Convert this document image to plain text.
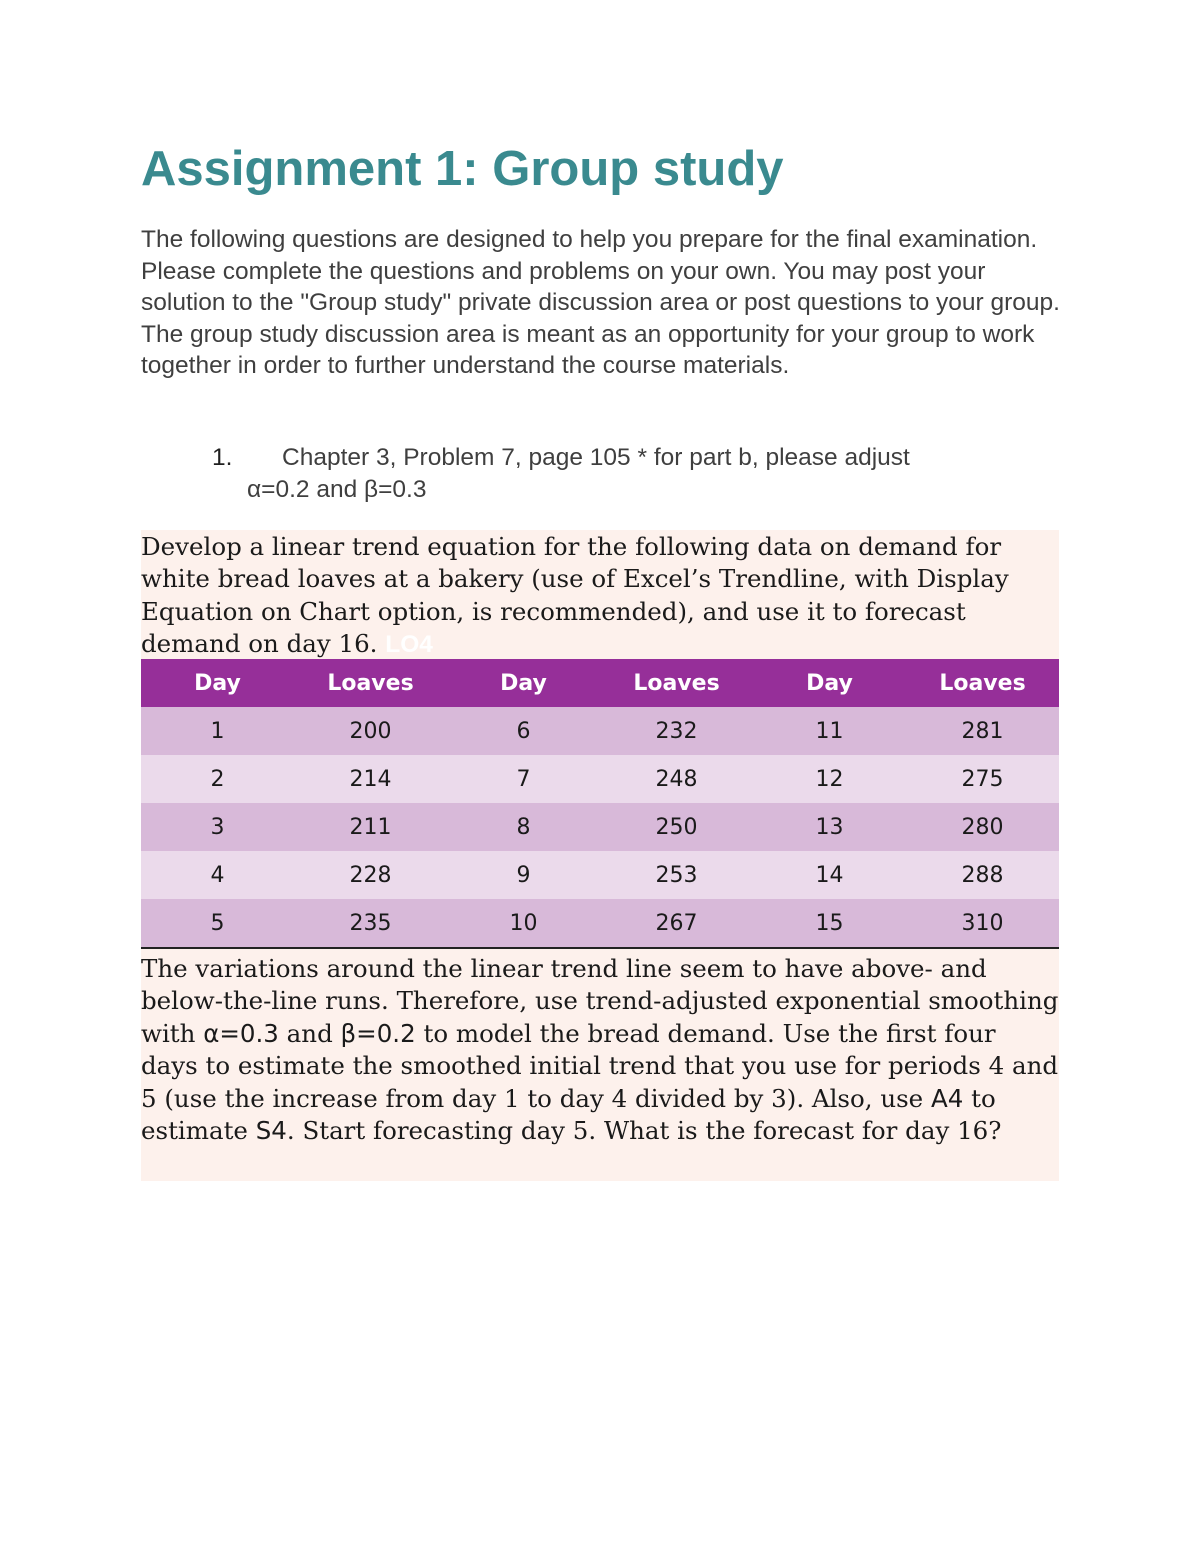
Assignment 1: Group study

The following questions are designed to help you prepare for the final examination. Please complete the questions and problems on your own. You may post your solution to the "Group study" private discussion area or post questions to your group. The group study discussion area is meant as an opportunity for your group to work together in order to further understand the course materials.

1.	Chapter 3, Problem 7, page 105 * for part b, please adjust
α=0.2 and β=0.3

Develop a linear trend equation for the following data on demand for white bread loaves at a bakery (use of Excel’s Trendline, with Display Equation on Chart option, is recommended), and use it to forecast demand on day 16. LO4

Day	Loaves	Day	Loaves	Day	Loaves
1	200	6	232	11	281
2	214	7	248	12	275
3	211	8	250	13	280
4	228	9	253	14	288
5	235	10	267	15	310

The variations around the linear trend line seem to have above- and below-the-line runs. Therefore, use trend-adjusted exponential smoothing with α=0.3 and β=0.2 to model the bread demand. Use the first four days to estimate the smoothed initial trend that you use for periods 4 and 5 (use the increase from day 1 to day 4 divided by 3). Also, use A4 to estimate S4. Start forecasting day 5. What is the forecast for day 16?
